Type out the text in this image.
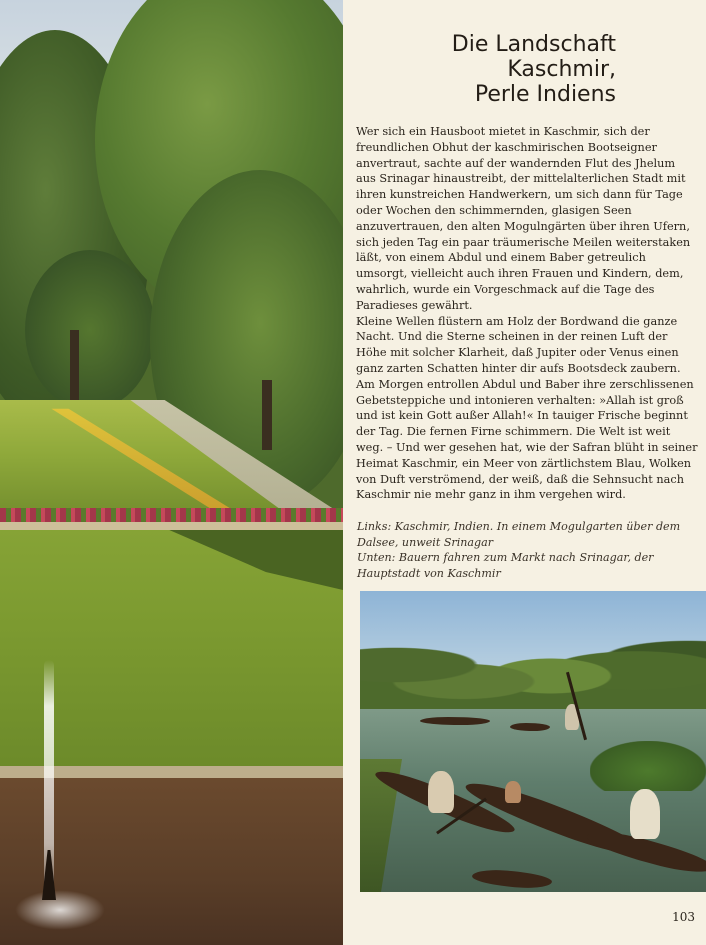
Die Landschaft
Kaschmir,
Perle Indiens

Wer sich ein Hausboot mietet in Kaschmir, sich der freundlichen Obhut der kaschmirischen Bootseigner anvertraut, sachte auf der wandernden Flut des Jhelum aus Srinagar hinaustreibt, der mittelalterlichen Stadt mit ihren kunstreichen Handwerkern, um sich dann für Tage oder Wochen den schimmernden, glasigen Seen anzuvertrauen, den alten Mogulngärten über ihren Ufern, sich jeden Tag ein paar träumerische Meilen weiterstaken läßt, von einem Abdul und einem Baber getreulich umsorgt, vielleicht auch ihren Frauen und Kindern, dem, wahrlich, wurde ein Vorgeschmack auf die Tage des Paradieses gewährt.

Kleine Wellen flüstern am Holz der Bordwand die ganze Nacht. Und die Sterne scheinen in der reinen Luft der Höhe mit solcher Klarheit, daß Jupiter oder Venus einen ganz zarten Schatten hinter dir aufs Bootsdeck zaubern. Am Morgen entrollen Abdul und Baber ihre zerschlissenen Gebetsteppiche und intonieren verhalten: »Allah ist groß und ist kein Gott außer Allah!« In tauiger Frische beginnt der Tag. Die fernen Firne schimmern. Die Welt ist weit weg. – Und wer gesehen hat, wie der Safran blüht in seiner Heimat Kaschmir, ein Meer von zärtlichstem Blau, Wolken von Duft verströmend, der weiß, daß die Sehnsucht nach Kaschmir nie mehr ganz in ihm vergehen wird.

Links: Kaschmir, Indien. In einem Mogulgarten über dem Dalsee, unweit Srinagar

Unten: Bauern fahren zum Markt nach Srinagar, der Hauptstadt von Kaschmir

103
